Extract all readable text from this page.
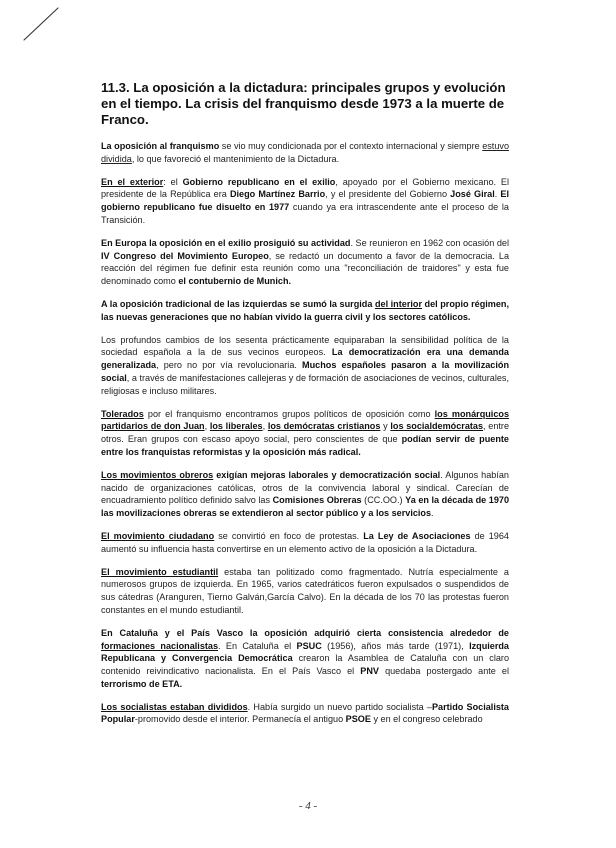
11.3. La oposición a la dictadura: principales grupos y evolución en el tiempo. La crisis del franquismo desde 1973 a la muerte de Franco.

La oposición al franquismo se vio muy condicionada por el contexto internacional y siempre estuvo dividida, lo que favoreció el mantenimiento de la Dictadura.

En el exterior: el Gobierno republicano en el exilio, apoyado por el Gobierno mexicano. El presidente de la República era Diego Martínez Barrio, y el presidente del Gobierno José Giral. El gobierno republicano fue disuelto en 1977 cuando ya era intrascendente ante el proceso de la Transición.

En Europa la oposición en el exilio prosiguió su actividad. Se reunieron en 1962 con ocasión del IV Congreso del Movimiento Europeo, se redactó un documento a favor de la democracia. La reacción del régimen fue definir esta reunión como una "reconciliación de traidores" y esta fue denominado como el contubernio de Munich.

A la oposición tradicional de las izquierdas se sumó la surgida del interior del propio régimen, las nuevas generaciones que no habían vivido la guerra civil y los sectores católicos.

Los profundos cambios de los sesenta prácticamente equiparaban la sensibilidad política de la sociedad española a la de sus vecinos europeos. La democratización era una demanda generalizada, pero no por vía revolucionaria. Muchos españoles pasaron a la movilización social, a través de manifestaciones callejeras y de formación de asociaciones de vecinos, culturales, religiosas e incluso militares.

Tolerados por el franquismo encontramos grupos políticos de oposición como los monárquicos partidarios de don Juan, los liberales, los demócratas cristianos y los socialdemócratas, entre otros. Eran grupos con escaso apoyo social, pero conscientes de que podían servir de puente entre los franquistas reformistas y la oposición más radical.

Los movimientos obreros exigían mejoras laborales y democratización social. Algunos habían nacido de organizaciones católicas, otros de la convivencia laboral y sindical. Carecían de encuadramiento político definido salvo las Comisiones Obreras (CC.OO.) Ya en la década de 1970 las movilizaciones obreras se extendieron al sector público y a los servicios.

El movimiento ciudadano se convirtió en foco de protestas. La Ley de Asociaciones de 1964 aumentó su influencia hasta convertirse en un elemento activo de la oposición a la Dictadura.

El movimiento estudiantil estaba tan politizado como fragmentado. Nutría especialmente a numerosos grupos de izquierda. En 1965, varios catedráticos fueron expulsados o suspendidos de sus cátedras (Aranguren, Tierno Galván,García Calvo). En la década de los 70 las protestas fueron constantes en el mundo estudiantil.

En Cataluña y el País Vasco la oposición adquirió cierta consistencia alrededor de formaciones nacionalistas. En Cataluña el PSUC (1956), años más tarde (1971), Izquierda Republicana y Convergencia Democrática crearon la Asamblea de Cataluña con un claro contenido reivindicativo nacionalista. En el País Vasco el PNV quedaba postergado ante el terrorismo de ETA.

Los socialistas estaban divididos. Había surgido un nuevo partido socialista –Partido Socialista Popular-promovido desde el interior. Permanecía el antiguo PSOE y en el congreso celebrado

- 4 -
